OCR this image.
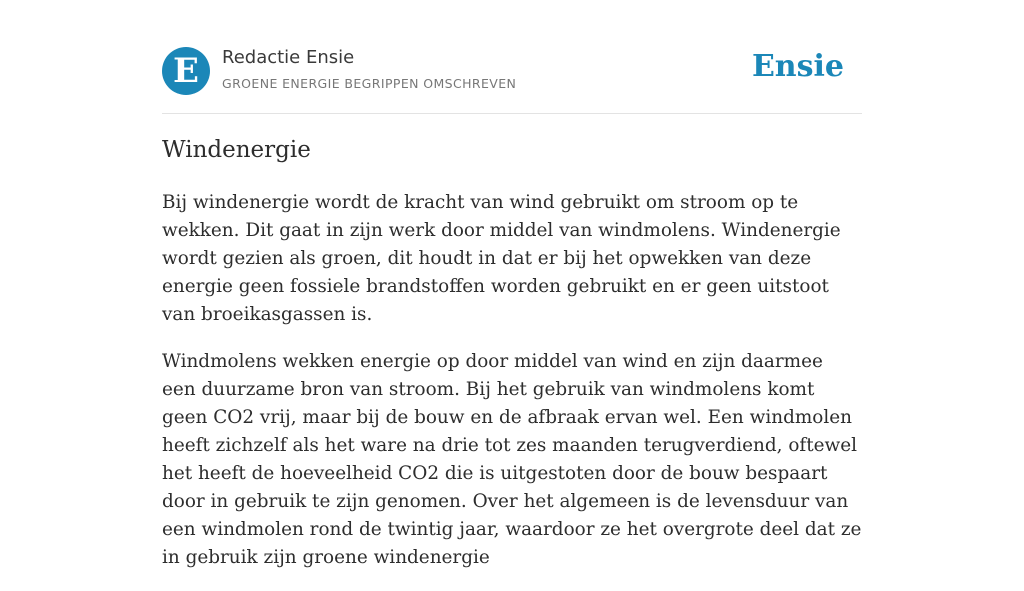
E	Redactie Ensie
GROENE ENERGIE BEGRIPPEN OMSCHREVEN	Ensie
Windenergie

Bij windenergie wordt de kracht van wind gebruikt om stroom op te wekken. Dit gaat in zijn werk door middel van windmolens. Windenergie wordt gezien als groen, dit houdt in dat er bij het opwekken van deze energie geen fossiele brandstoffen worden gebruikt en er geen uitstoot van broeikasgassen is.

Windmolens wekken energie op door middel van wind en zijn daarmee een duurzame bron van stroom. Bij het gebruik van windmolens komt geen CO2 vrij, maar bij de bouw en de afbraak ervan wel. Een windmolen heeft zichzelf als het ware na drie tot zes maanden terugverdiend, oftewel het heeft de hoeveelheid CO2 die is uitgestoten door de bouw bespaart door in gebruik te zijn genomen. Over het algemeen is de levensduur van een windmolen rond de twintig jaar, waardoor ze het overgrote deel dat ze in gebruik zijn groene windenergie
